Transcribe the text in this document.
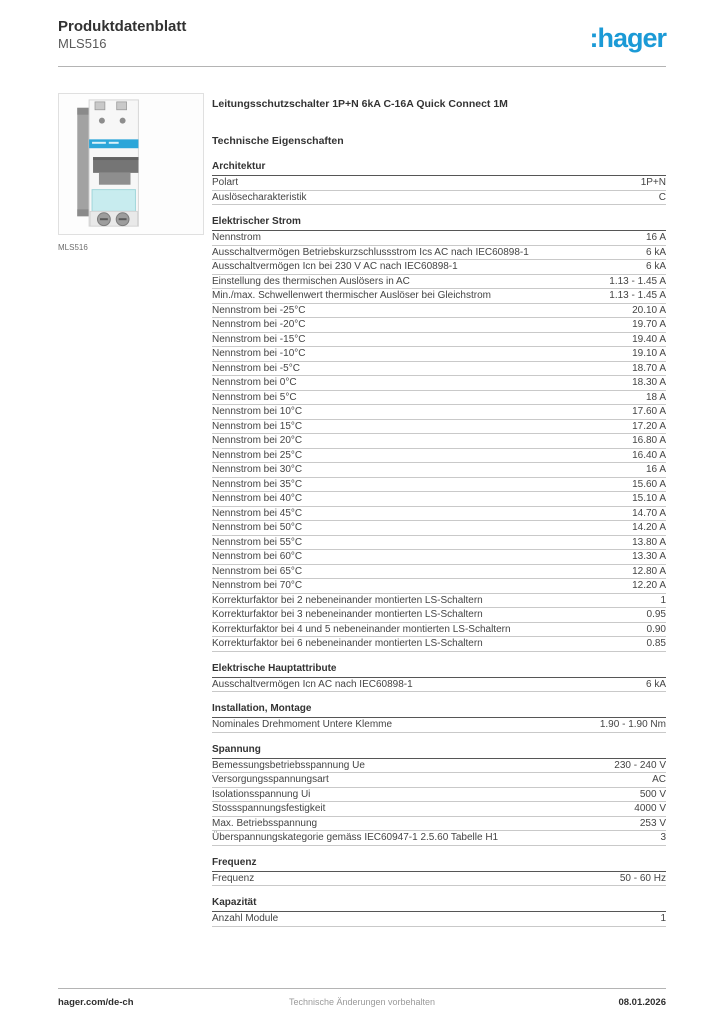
Produktdatenblatt
MLS516	:hager
MLS516
Leitungsschutzschalter 1P+N 6kA C-16A Quick Connect 1M
Technische Eigenschaften
Architektur
Polart	1P+N
Auslösecharakteristik	C
Elektrischer Strom
Nennstrom	16 A
Ausschaltvermögen Betriebskurzschlussstrom Ics AC nach IEC60898-1	6 kA
Ausschaltvermögen Icn bei 230 V AC nach IEC60898-1	6 kA
Einstellung des thermischen Auslösers in AC	1.13 - 1.45 A
Min./max. Schwellenwert thermischer Auslöser bei Gleichstrom	1.13 - 1.45 A
Nennstrom bei -25°C	20.10 A
Nennstrom bei -20°C	19.70 A
Nennstrom bei -15°C	19.40 A
Nennstrom bei -10°C	19.10 A
Nennstrom bei -5°C	18.70 A
Nennstrom bei 0°C	18.30 A
Nennstrom bei 5°C	18 A
Nennstrom bei 10°C	17.60 A
Nennstrom bei 15°C	17.20 A
Nennstrom bei 20°C	16.80 A
Nennstrom bei 25°C	16.40 A
Nennstrom bei 30°C	16 A
Nennstrom bei 35°C	15.60 A
Nennstrom bei 40°C	15.10 A
Nennstrom bei 45°C	14.70 A
Nennstrom bei 50°C	14.20 A
Nennstrom bei 55°C	13.80 A
Nennstrom bei 60°C	13.30 A
Nennstrom bei 65°C	12.80 A
Nennstrom bei 70°C	12.20 A
Korrekturfaktor bei 2 nebeneinander montierten LS-Schaltern	1
Korrekturfaktor bei 3 nebeneinander montierten LS-Schaltern	0.95
Korrekturfaktor bei 4 und 5 nebeneinander montierten LS-Schaltern	0.90
Korrekturfaktor bei 6 nebeneinander montierten LS-Schaltern	0.85
Elektrische Hauptattribute
Ausschaltvermögen Icn AC nach IEC60898-1	6 kA
Installation, Montage
Nominales Drehmoment Untere Klemme	1.90 - 1.90 Nm
Spannung
Bemessungsbetriebsspannung Ue	230 - 240 V
Versorgungsspannungsart	AC
Isolationsspannung Ui	500 V
Stossspannungsfestigkeit	4000 V
Max. Betriebsspannung	253 V
Überspannungskategorie gemäss IEC60947-1 2.5.60 Tabelle H1	3
Frequenz
Frequenz	50 - 60 Hz
Kapazität
Anzahl Module	1
hager.com/de-ch	Technische Änderungen vorbehalten	08.01.2026
